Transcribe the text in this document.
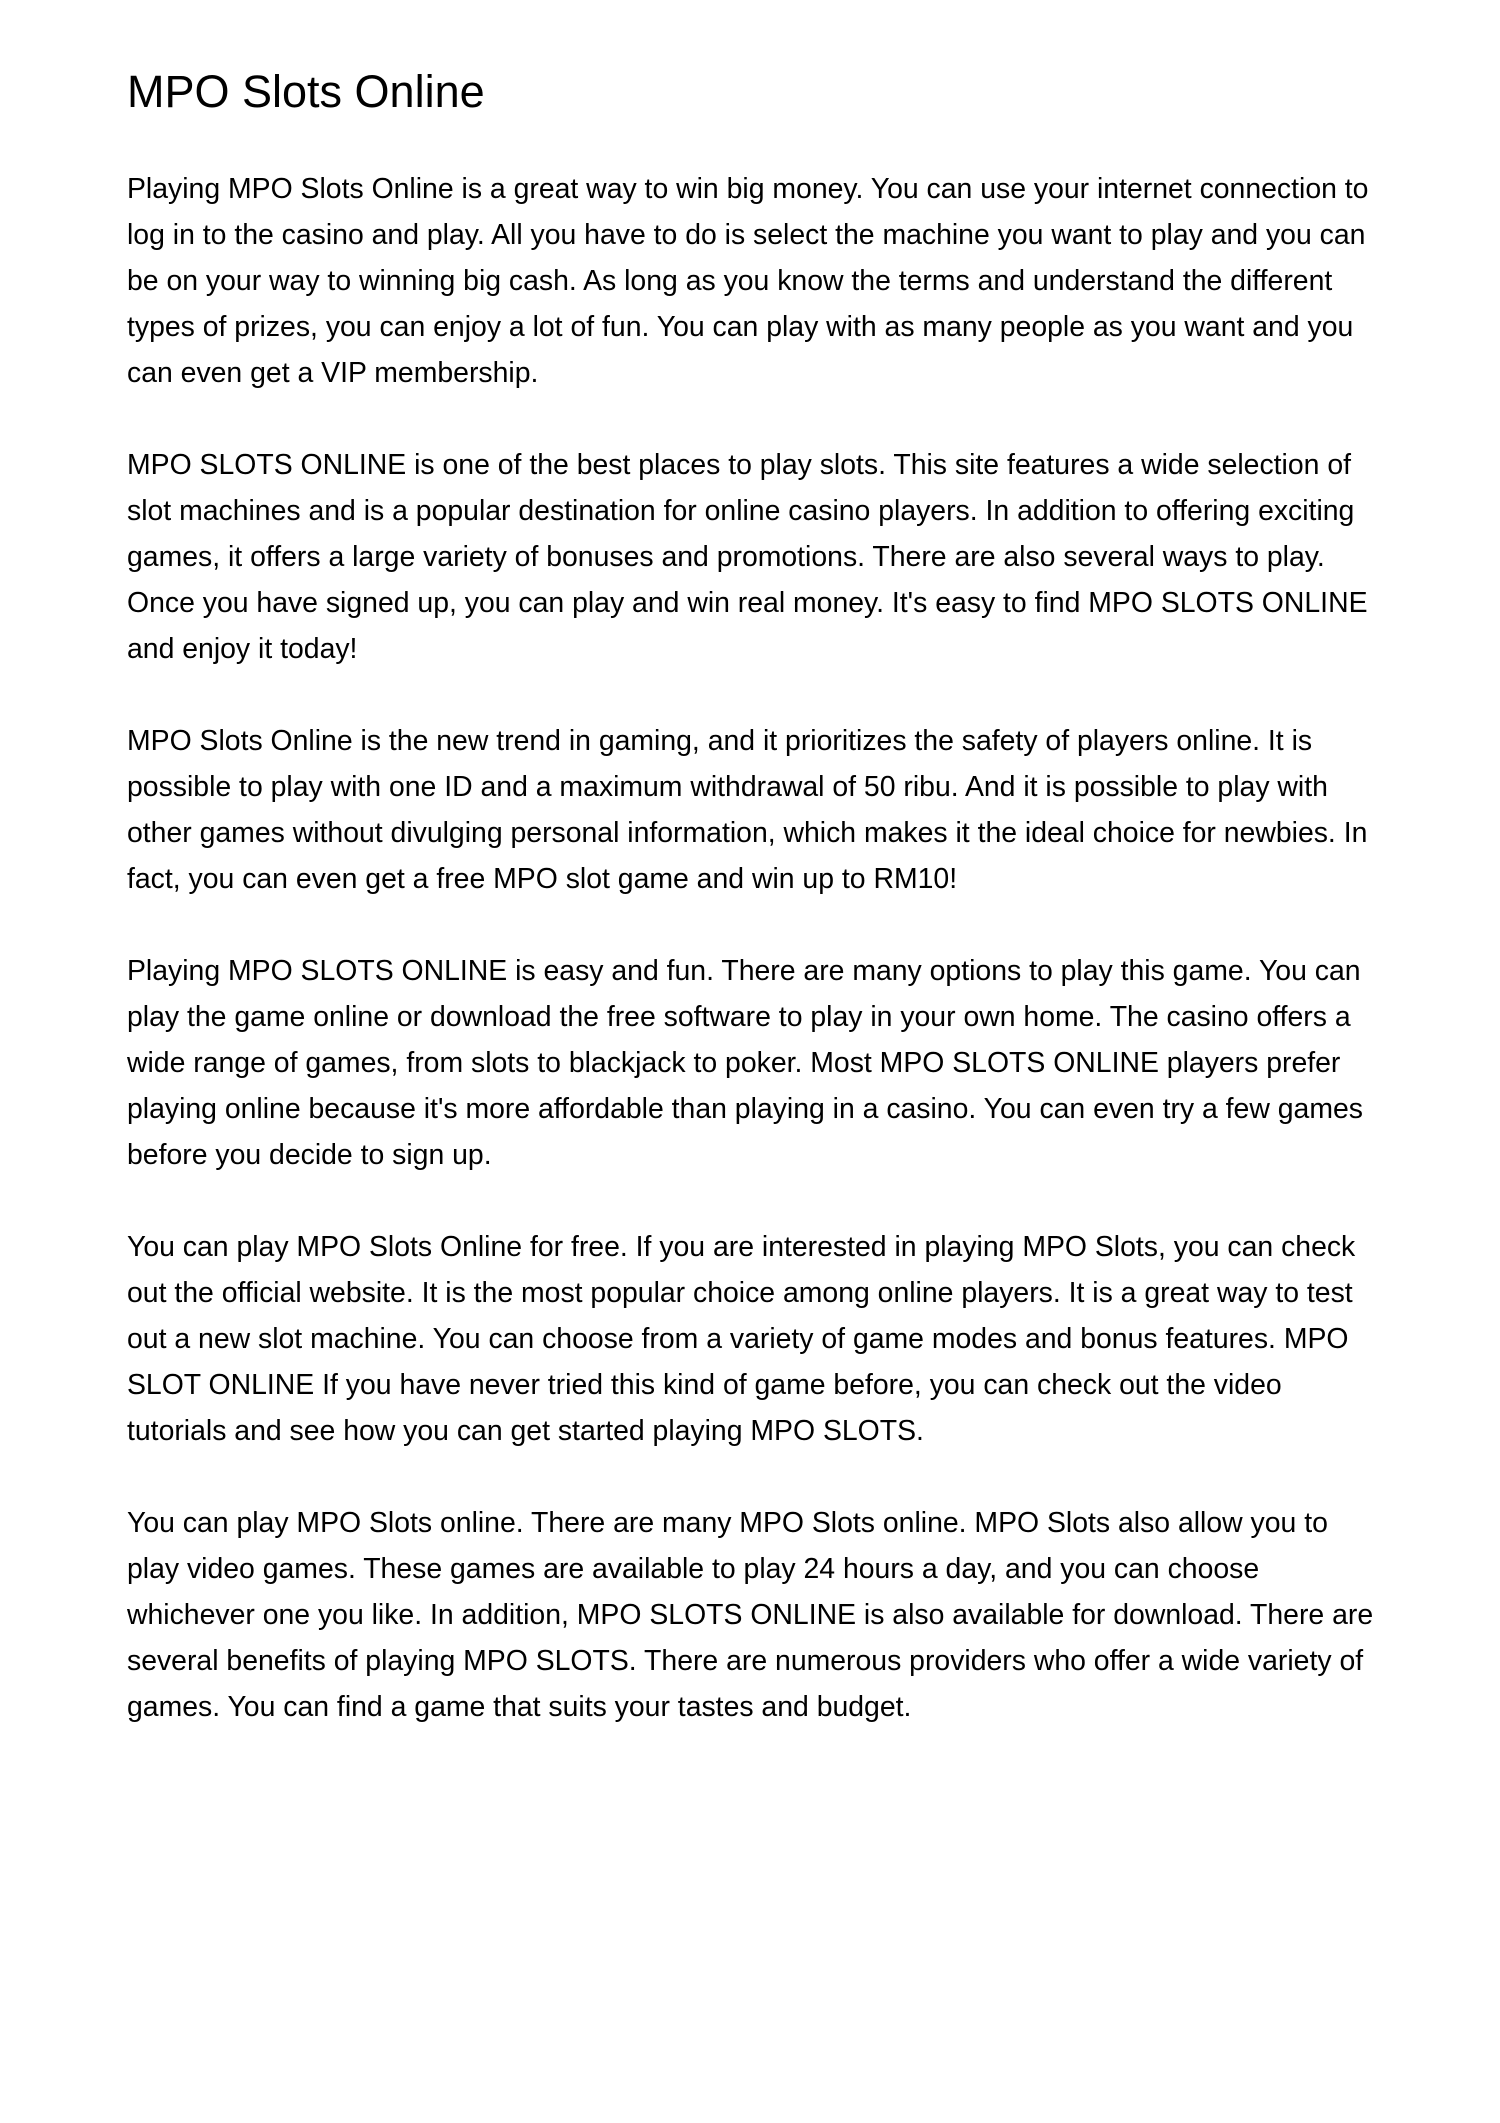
MPO Slots Online

Playing MPO Slots Online is a great way to win big money. You can use your internet connection to log in to the casino and play. All you have to do is select the machine you want to play and you can be on your way to winning big cash. As long as you know the terms and understand the different types of prizes, you can enjoy a lot of fun. You can play with as many people as you want and you can even get a VIP membership.

MPO SLOTS ONLINE is one of the best places to play slots. This site features a wide selection of slot machines and is a popular destination for online casino players. In addition to offering exciting games, it offers a large variety of bonuses and promotions. There are also several ways to play. Once you have signed up, you can play and win real money. It's easy to find MPO SLOTS ONLINE and enjoy it today!

MPO Slots Online is the new trend in gaming, and it prioritizes the safety of players online. It is possible to play with one ID and a maximum withdrawal of 50 ribu. And it is possible to play with other games without divulging personal information, which makes it the ideal choice for newbies. In fact, you can even get a free MPO slot game and win up to RM10!

Playing MPO SLOTS ONLINE is easy and fun. There are many options to play this game. You can play the game online or download the free software to play in your own home. The casino offers a wide range of games, from slots to blackjack to poker. Most MPO SLOTS ONLINE players prefer playing online because it's more affordable than playing in a casino. You can even try a few games before you decide to sign up.

You can play MPO Slots Online for free. If you are interested in playing MPO Slots, you can check out the official website. It is the most popular choice among online players. It is a great way to test out a new slot machine. You can choose from a variety of game modes and bonus features. MPO SLOT ONLINE If you have never tried this kind of game before, you can check out the video tutorials and see how you can get started playing MPO SLOTS.

You can play MPO Slots online. There are many MPO Slots online. MPO Slots also allow you to play video games. These games are available to play 24 hours a day, and you can choose whichever one you like. In addition, MPO SLOTS ONLINE is also available for download. There are several benefits of playing MPO SLOTS. There are numerous providers who offer a wide variety of games. You can find a game that suits your tastes and budget.
